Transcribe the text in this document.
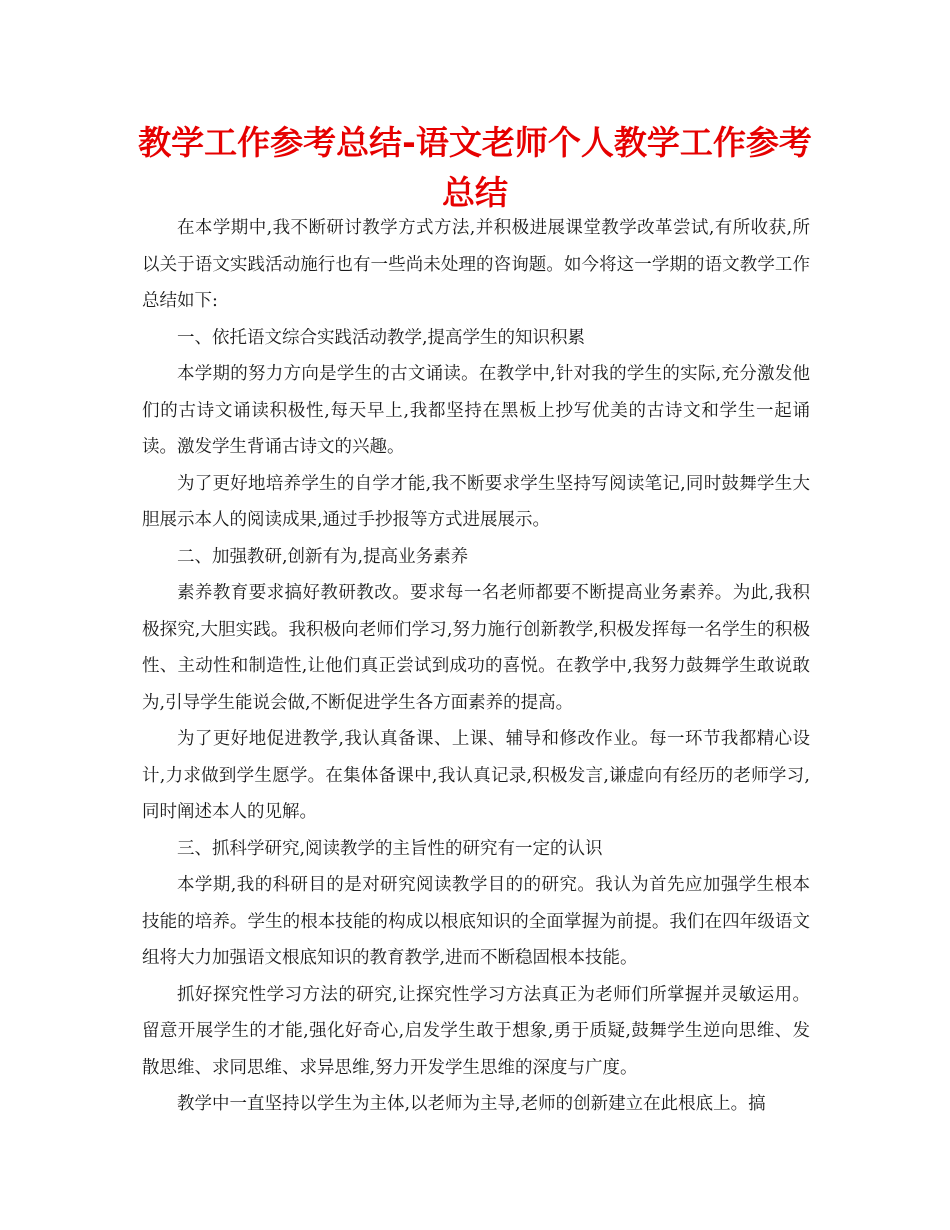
教学工作参考总结-语文老师个人教学工作参考总结

在本学期中,我不断研讨教学方式方法,并积极进展课堂教学改革尝试,有所收获,所以关于语文实践活动施行也有一些尚未处理的咨询题。如今将这一学期的语文教学工作总结如下:

一、依托语文综合实践活动教学,提高学生的知识积累

本学期的努力方向是学生的古文诵读。在教学中,针对我的学生的实际,充分激发他们的古诗文诵读积极性,每天早上,我都坚持在黑板上抄写优美的古诗文和学生一起诵读。激发学生背诵古诗文的兴趣。

为了更好地培养学生的自学才能,我不断要求学生坚持写阅读笔记,同时鼓舞学生大胆展示本人的阅读成果,通过手抄报等方式进展展示。

二、加强教研,创新有为,提高业务素养

素养教育要求搞好教研教改。要求每一名老师都要不断提高业务素养。为此,我积极探究,大胆实践。我积极向老师们学习,努力施行创新教学,积极发挥每一名学生的积极性、主动性和制造性,让他们真正尝试到成功的喜悦。在教学中,我努力鼓舞学生敢说敢为,引导学生能说会做,不断促进学生各方面素养的提高。

为了更好地促进教学,我认真备课、上课、辅导和修改作业。每一环节我都精心设计,力求做到学生愿学。在集体备课中,我认真记录,积极发言,谦虚向有经历的老师学习,同时阐述本人的见解。

三、抓科学研究,阅读教学的主旨性的研究有一定的认识

本学期,我的科研目的是对研究阅读教学目的的研究。我认为首先应加强学生根本技能的培养。学生的根本技能的构成以根底知识的全面掌握为前提。我们在四年级语文组将大力加强语文根底知识的教育教学,进而不断稳固根本技能。

抓好探究性学习方法的研究,让探究性学习方法真正为老师们所掌握并灵敏运用。留意开展学生的才能,强化好奇心,启发学生敢于想象,勇于质疑,鼓舞学生逆向思维、发散思维、求同思维、求异思维,努力开发学生思维的深度与广度。

教学中一直坚持以学生为主体,以老师为主导,老师的创新建立在此根底上。搞
